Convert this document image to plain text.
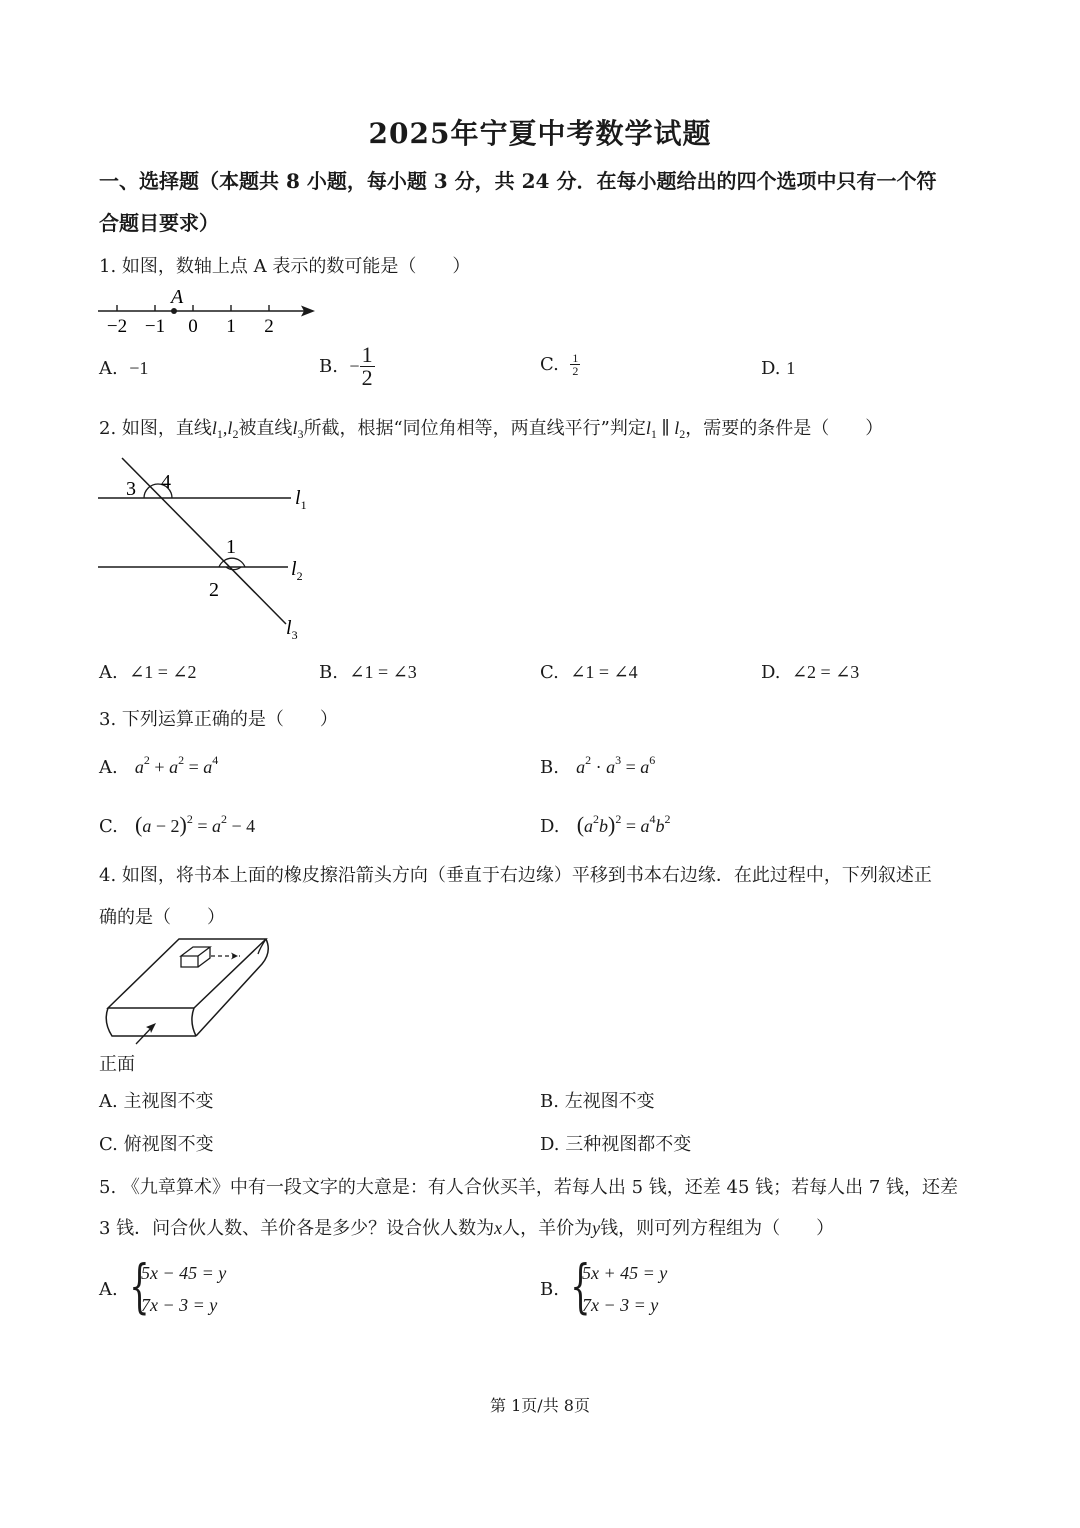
2025年宁夏中考数学试题
一、选择题（本题共 8 小题，每小题 3 分，共 24 分．在每小题给出的四个选项中只有一个符
合题目要求）
1. 如图，数轴上点 A 表示的数可能是（　　）
A
−2 −1 0 1 2
A. −1	B. − $\frac{1}{2}$	C. $\frac{1}{2}$	D. 1
2. 如图，直线$l_1,l_2$被直线$l_3$所截，根据“同位角相等，两直线平行”判定$l_1$ ∥ $l_2$，需要的条件是（　　）
3 4
1
2
$l_1$
$l_2$
$l_3$
A. ∠1 = ∠2	B. ∠1 = ∠3	C. ∠1 = ∠4	D. ∠2 = ∠3
3. 下列运算正确的是（　　）
A. $a^2 + a^2 = a^4$	B. $a^2 \cdot a^3 = a^6$
C. $(a - 2)^2 = a^2 - 4$	D. $(a^2b)^2 = a^4b^2$
4. 如图，将书本上面的橡皮擦沿箭头方向（垂直于右边缘）平移到书本右边缘．在此过程中，下列叙述正
确的是（　　）
正面
A. 主视图不变	B. 左视图不变
C. 俯视图不变	D. 三种视图都不变
5. 《九章算术》中有一段文字的大意是：有人合伙买羊，若每人出 5 钱，还差 45 钱；若每人出 7 钱，还差
3 钱．问合伙人数、羊价各是多少？设合伙人数为x人，羊价为y钱，则可列方程组为（　　）
A. {
5x − 45 = y
7x − 3 = y
B. {
5x + 45 = y
7x − 3 = y
第 1页/共 8页
